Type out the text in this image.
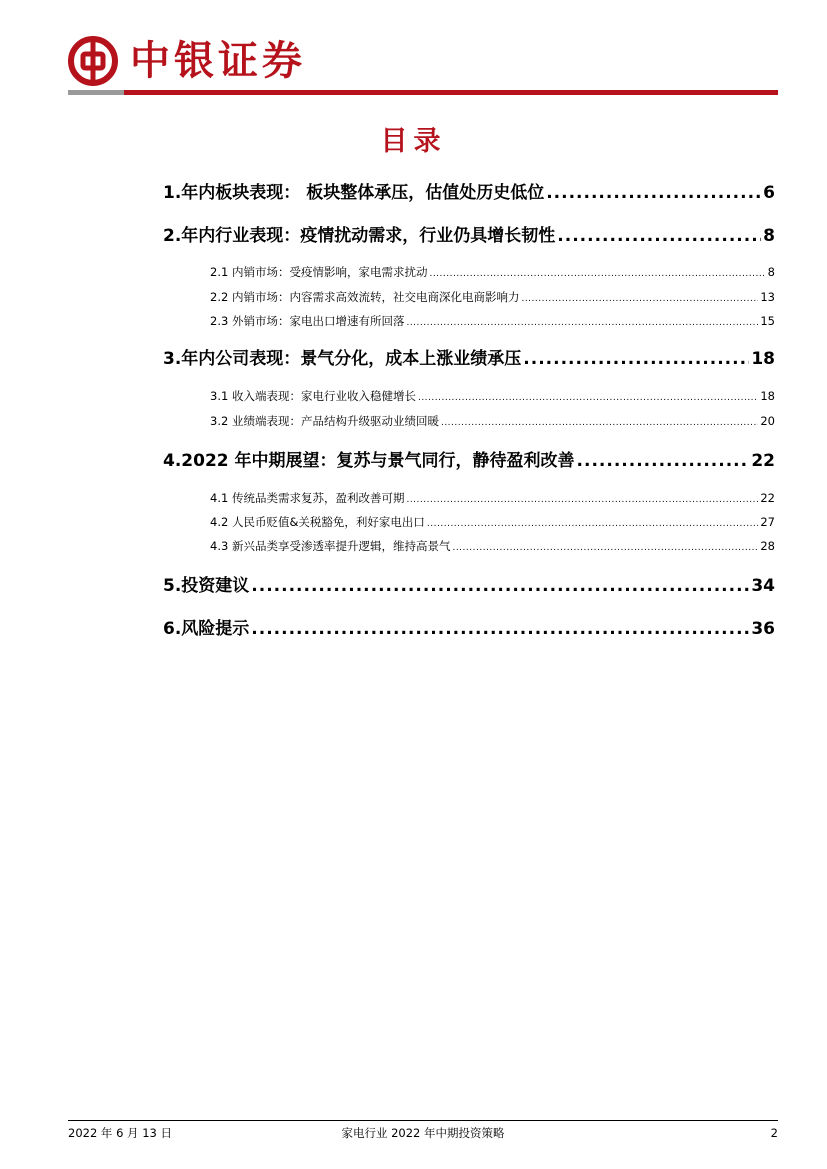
中银证券
目录
1.年内板块表现： 板块整体承压，估值处历史低位 .....	6
2.年内行业表现：疫情扰动需求，行业仍具增长韧性 .....	8
2.1 内销市场：受疫情影响，家电需求扰动 .....	8
2.2 内销市场：内容需求高效流转，社交电商深化电商影响力 .....	13
2.3 外销市场：家电出口增速有所回落 .....	15
3.年内公司表现：景气分化，成本上涨业绩承压 .....	18
3.1 收入端表现：家电行业收入稳健增长 .....	18
3.2 业绩端表现：产品结构升级驱动业绩回暖 .....	20
4.2022 年中期展望：复苏与景气同行，静待盈利改善 .....	22
4.1 传统品类需求复苏，盈利改善可期 .....	22
4.2 人民币贬值&关税豁免，利好家电出口 .....	27
4.3 新兴品类享受渗透率提升逻辑，维持高景气 .....	28
5.投资建议 .....	34
6.风险提示 .....	36
2022 年 6 月 13 日	家电行业 2022 年中期投资策略	2
